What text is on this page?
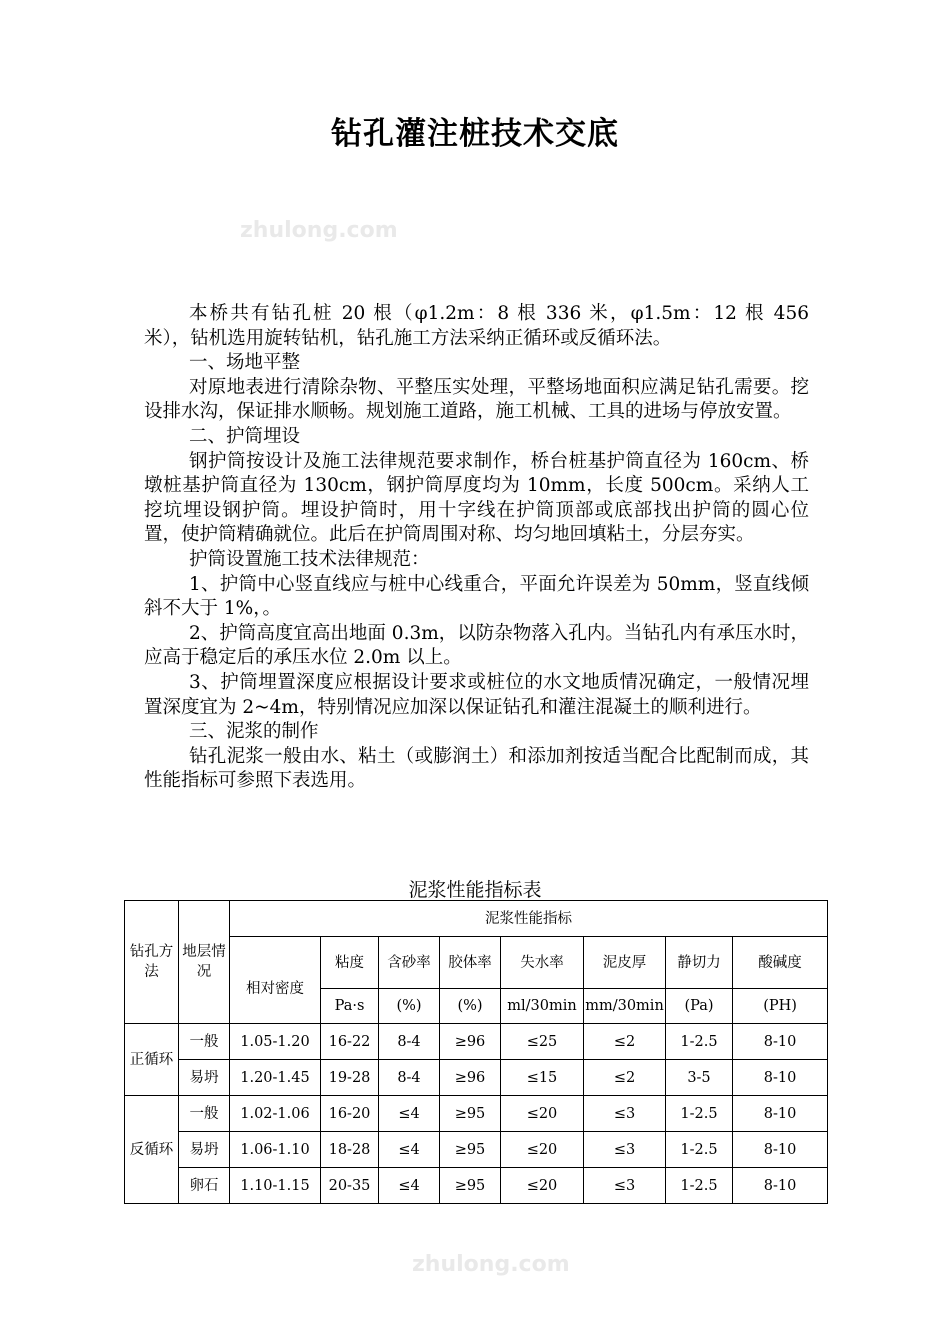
钻孔灌注桩技术交底
zhulong.com
zhulong.com

本桥共有钻孔桩 20 根（φ1.2m：8 根 336 米，φ1.5m：12 根 456 米），钻机选用旋转钻机，钻孔施工方法采纳正循环或反循环法。

一、场地平整

对原地表进行清除杂物、平整压实处理，平整场地面积应满足钻孔需要。挖设排水沟，保证排水顺畅。规划施工道路，施工机械、工具的进场与停放安置。

二、护筒埋设

钢护筒按设计及施工法律规范要求制作，桥台桩基护筒直径为 160cm、桥墩桩基护筒直径为 130cm，钢护筒厚度均为 10mm，长度 500cm。采纳人工挖坑埋设钢护筒。埋设护筒时，用十字线在护筒顶部或底部找出护筒的圆心位置，使护筒精确就位。此后在护筒周围对称、均匀地回填粘土，分层夯实。

护筒设置施工技术法律规范：

1、护筒中心竖直线应与桩中心线重合，平面允许误差为 50mm，竖直线倾斜不大于 1%，。

2、护筒高度宜高出地面 0.3m，以防杂物落入孔内。当钻孔内有承压水时，应高于稳定后的承压水位 2.0m 以上。

3、护筒埋置深度应根据设计要求或桩位的水文地质情况确定，一般情况埋置深度宜为 2~4m，特别情况应加深以保证钻孔和灌注混凝土的顺利进行。

三、泥浆的制作

钻孔泥浆一般由水、粘土（或膨润土）和添加剂按适当配合比配制而成，其性能指标可参照下表选用。

泥浆性能指标表
钻孔方法	地层情况	泥浆性能指标							
		相对密度	粘度	含砂率	胶体率	失水率	泥皮厚	静切力	酸碱度
			Pa·s	(%)	(%)	ml/30min	mm/30min	(Pa)	(PH)
正循环	一般	1.05-1.20	16-22	8-4	≥96	≤25	≤2	1-2.5	8-10
	易坍	1.20-1.45	19-28	8-4	≥96	≤15	≤2	3-5	8-10
反循环	一般	1.02-1.06	16-20	≤4	≥95	≤20	≤3	1-2.5	8-10
	易坍	1.06-1.10	18-28	≤4	≥95	≤20	≤3	1-2.5	8-10
	卵石	1.10-1.15	20-35	≤4	≥95	≤20	≤3	1-2.5	8-10
